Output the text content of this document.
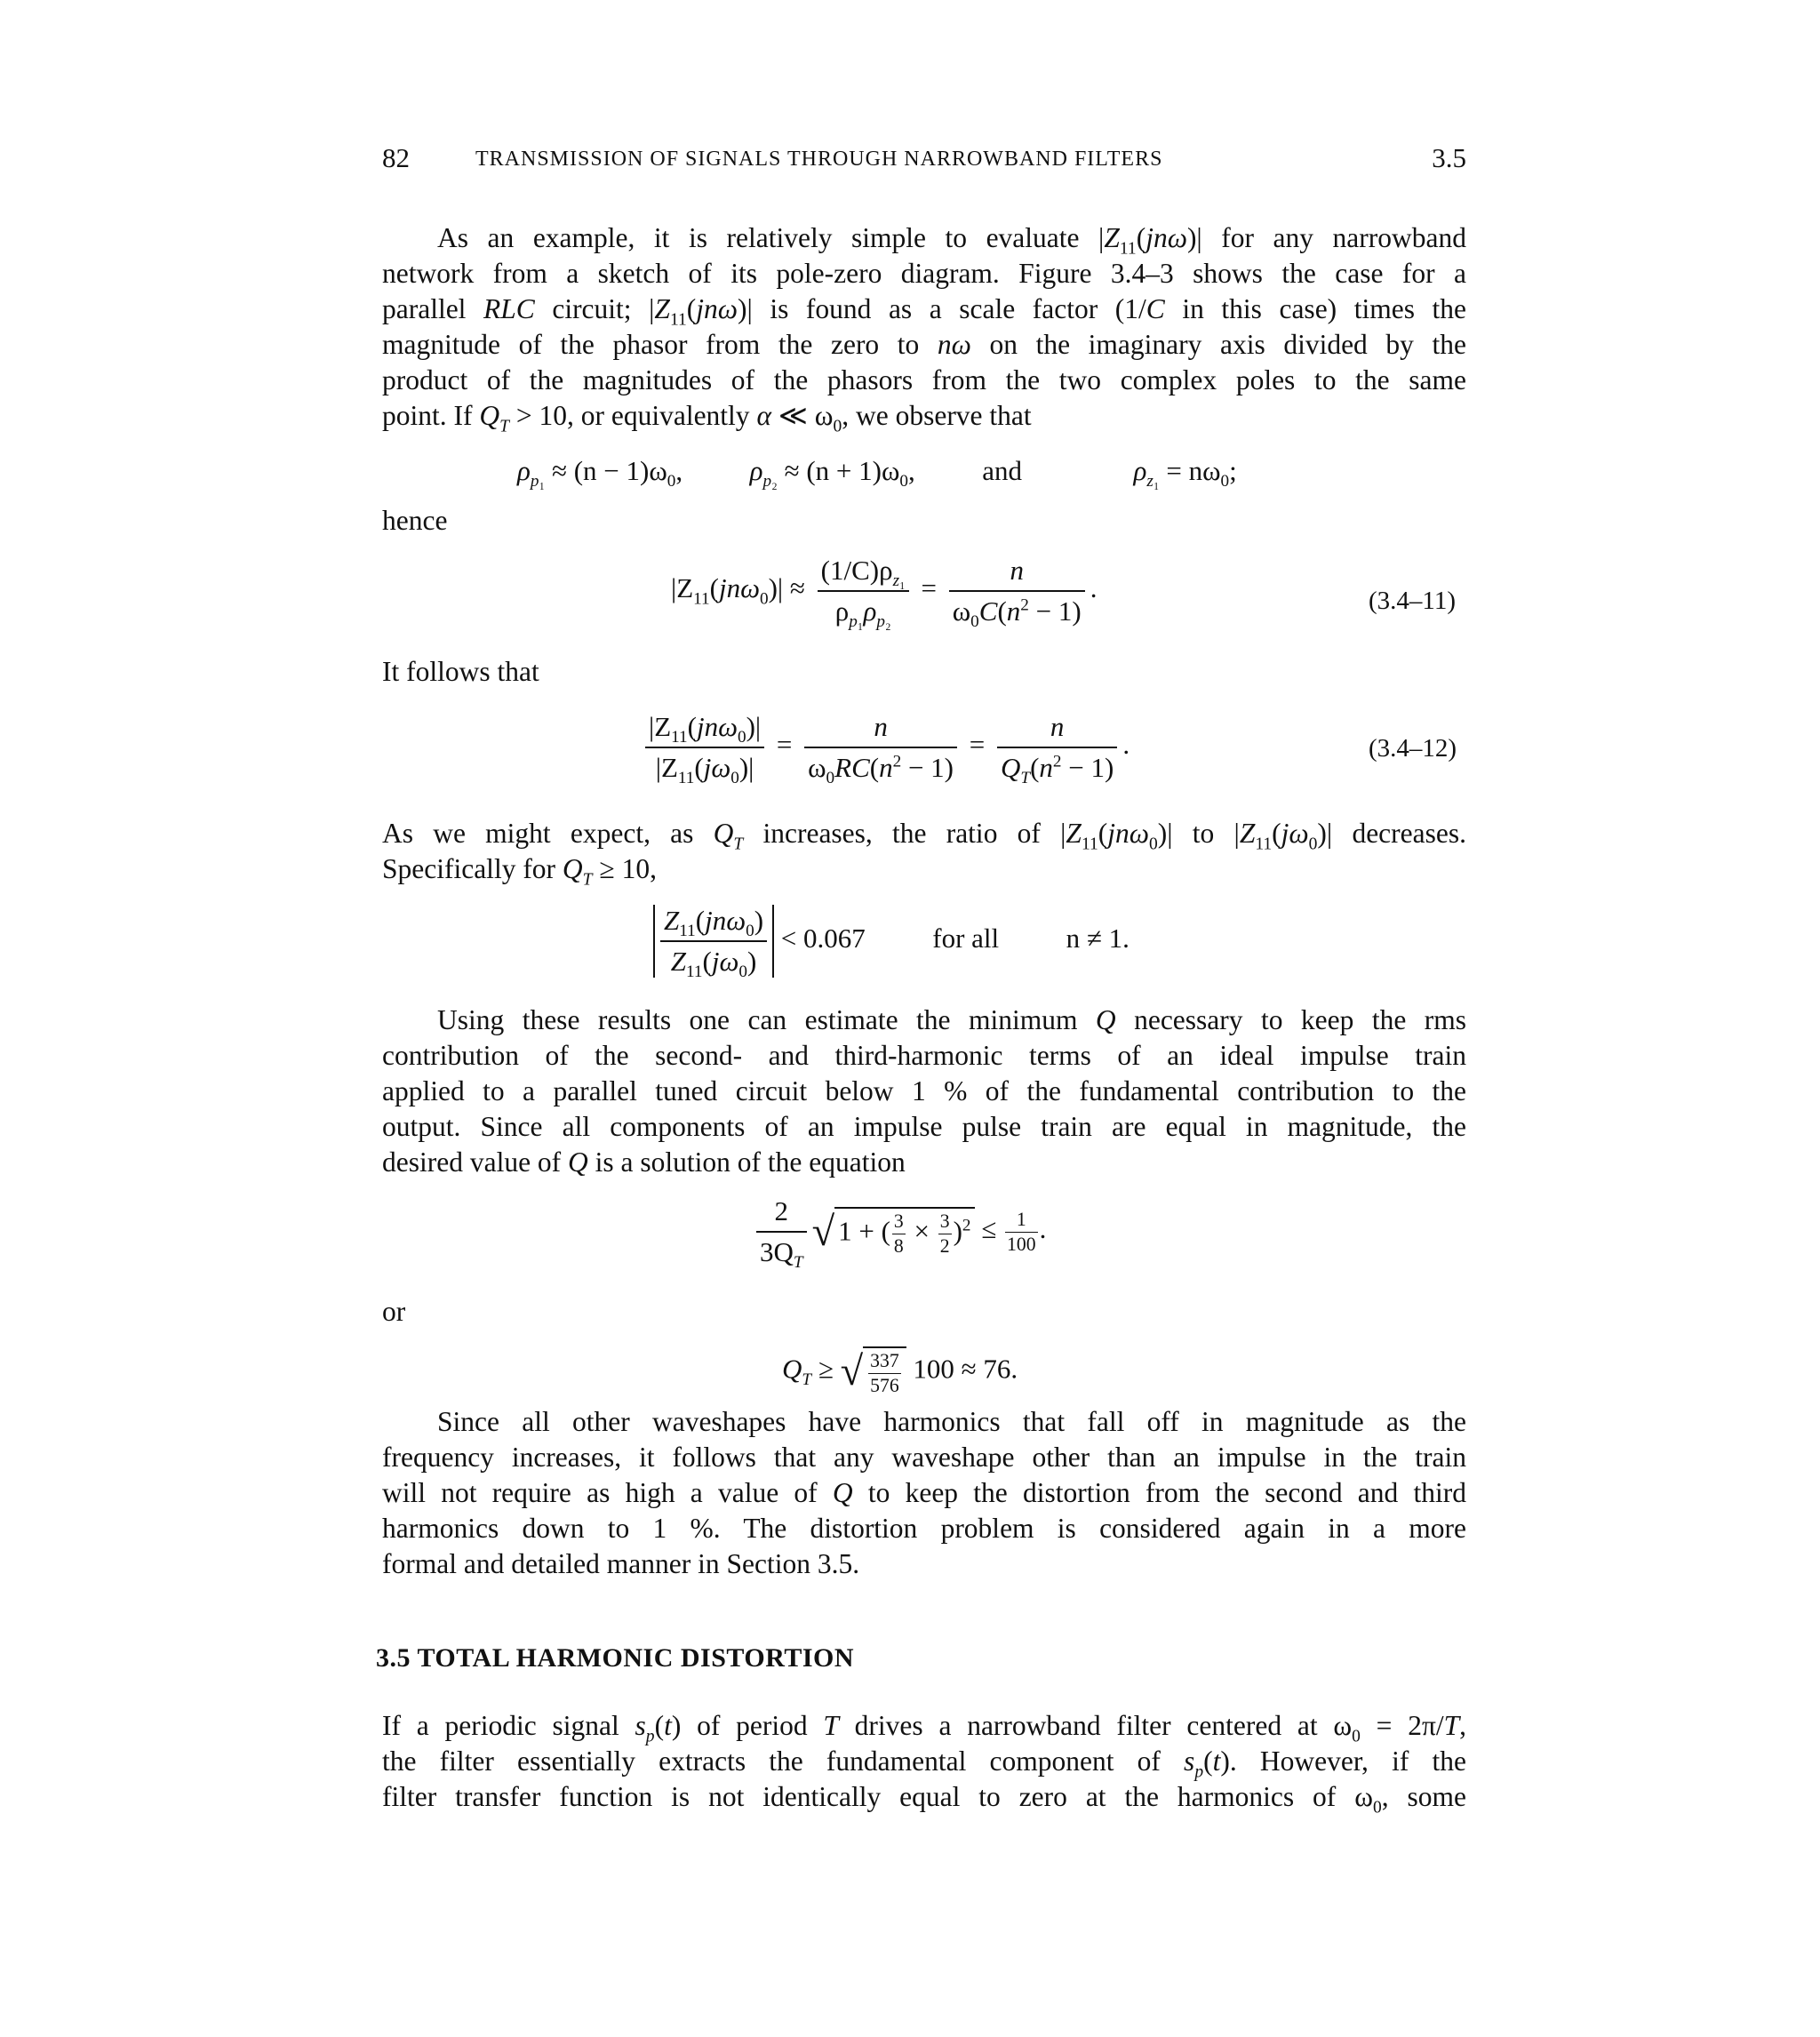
82	TRANSMISSION OF SIGNALS THROUGH NARROWBAND FILTERS	3.5
As an example, it is relatively simple to evaluate $|Z_{11}(jn\omega)|$ for any narrowband
network from a sketch of its pole-zero diagram. Figure 3.4–3 shows the case for a
parallel RLC circuit; $|Z_{11}(jn\omega)|$ is found as a scale factor (1/C in this case) times the
magnitude of the phasor from the zero to nω on the imaginary axis divided by the
product of the magnitudes of the phasors from the two complex poles to the same
point. If $Q_T > 10$, or equivalently α ≪ $\omega_0$, we observe that
$\rho_{p_1} \approx (n - 1)\omega_0$,  $\rho_{p_2} \approx (n + 1)\omega_0$,  and	$\rho_{z_1} = n\omega_0$;
hence
$|Z_{11}(jn\omega_0)| \approx \frac{(1/C)\rho_{z_1}}{\rho_{p_1}\rho_{p_2}} = \frac{n}{\omega_0C(n^2 - 1)}$ .	(3.4–11)
It follows that
$\frac{|Z_{11}(jn\omega_0)|}{|Z_{11}(j\omega_0)|} = \frac{n}{\omega_0RC(n^2 - 1)} = \frac{n}{Q_T(n^2 - 1)}$ .	(3.4–12)
As we might expect, as $Q_T$ increases, the ratio of $|Z_{11}(jn\omega_0)|$ to $|Z_{11}(j\omega_0)|$ decreases.
Specifically for $Q_T \ge 10$,
$\frac{Z_{11}(jn\omega_0)}{Z_{11}(j\omega_0)} < 0.067$ for all n ≠ 1.
Using these results one can estimate the minimum Q necessary to keep the rms
contribution of the second- and third-harmonic terms of an ideal impulse train
applied to a parallel tuned circuit below 1 % of the fundamental contribution to the
output. Since all components of an impulse pulse train are equal in magnitude, the
desired value of Q is a solution of the equation
$\frac{2}{3Q_T}$ √ 1 + ( $\frac{3}{8} \times \frac{3}{2} )^2 \le \frac{1}{100}$ .
or
$Q_T$ ≥ √ $\frac{337}{576} 100 \approx 76$.
Since all other waveshapes have harmonics that fall off in magnitude as the
frequency increases, it follows that any waveshape other than an impulse in the train
will not require as high a value of Q to keep the distortion from the second and third
harmonics down to 1 %. The distortion problem is considered again in a more
formal and detailed manner in Section 3.5.
3.5 TOTAL HARMONIC DISTORTION
If a periodic signal $s_p(t)$ of period T drives a narrowband filter centered at $\omega_0 = 2\pi/T$,
the filter essentially extracts the fundamental component of $s_p(t)$. However, if the
filter transfer function is not identically equal to zero at the harmonics of $\omega_0$, some
